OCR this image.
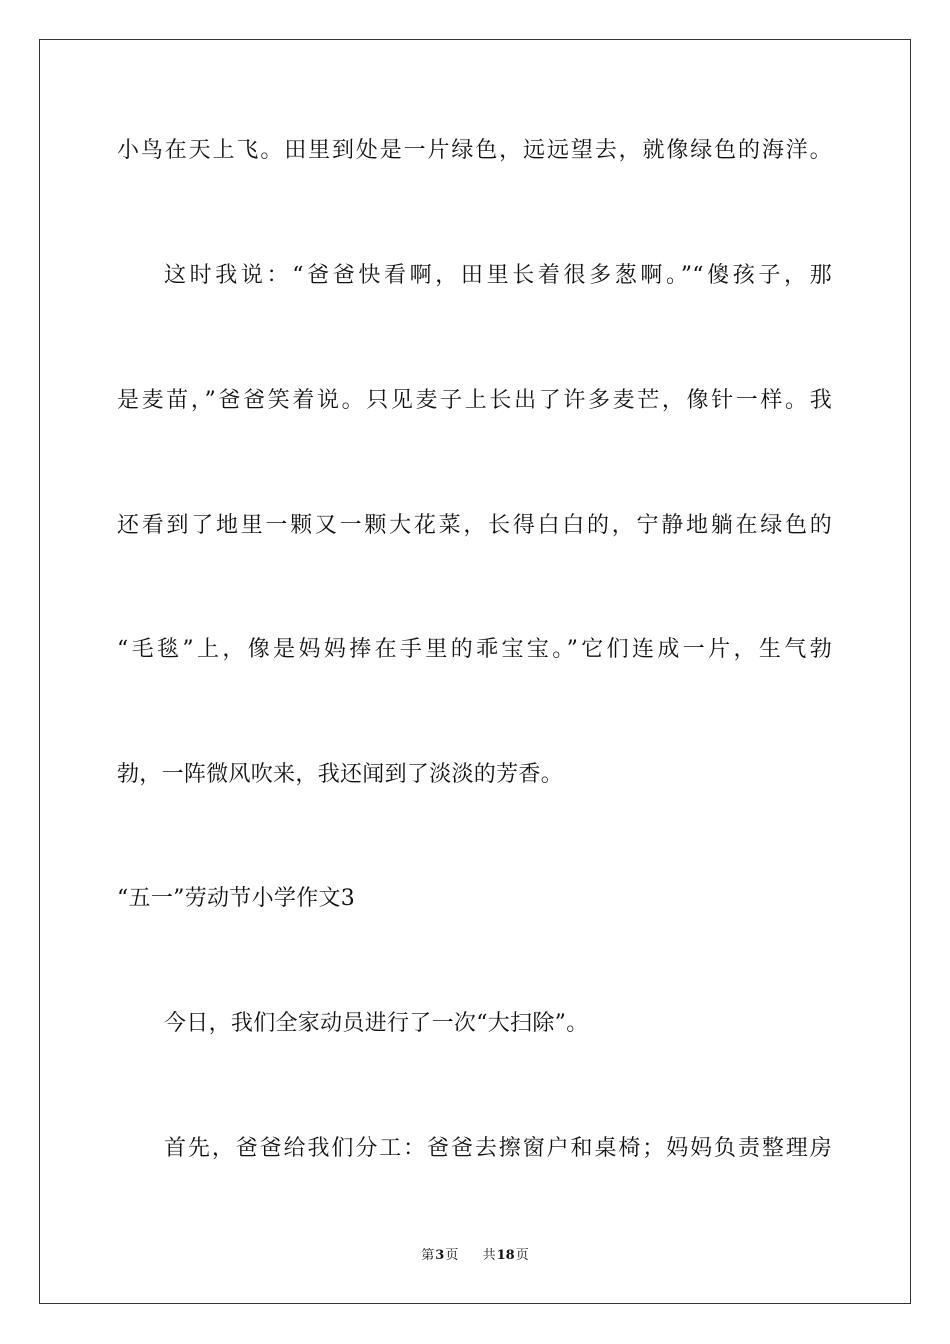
小鸟在天上飞。田里到处是一片绿色，远远望去，就像绿色的海洋。
这时我说：“爸爸快看啊，田里长着很多葱啊。”“傻孩子，那
是麦苗，”爸爸笑着说。只见麦子上长出了许多麦芒，像针一样。我
还看到了地里一颗又一颗大花菜，长得白白的，宁静地躺在绿色的
“毛毯”上，像是妈妈捧在手里的乖宝宝。”它们连成一片，生气勃
勃，一阵微风吹来，我还闻到了淡淡的芳香。
“五一”劳动节小学作文3
今日，我们全家动员进行了一次“大扫除”。
首先，爸爸给我们分工：爸爸去擦窗户和桌椅；妈妈负责整理房
第3页 共18页
